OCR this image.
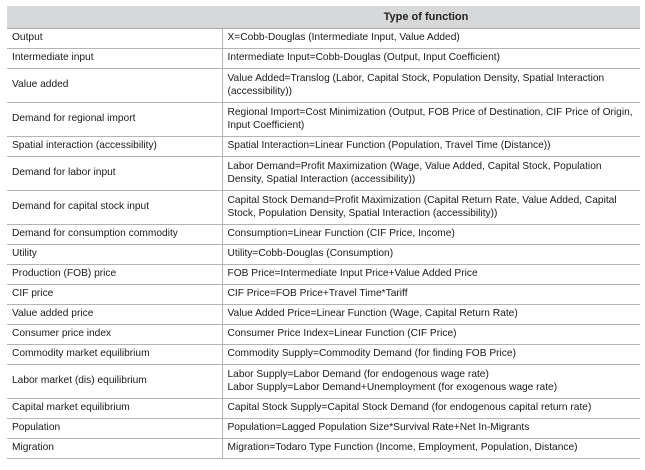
	Type of function
Output	X=Cobb-Douglas (Intermediate Input, Value Added)
Intermediate input	Intermediate Input=Cobb-Douglas (Output, Input Coefficient)
Value added	Value Added=Translog (Labor, Capital Stock, Population Density, Spatial Interaction (accessibility))
Demand for regional import	Regional Import=Cost Minimization (Output, FOB Price of Destination, CIF Price of Origin, Input Coefficient)
Spatial interaction (accessibility)	Spatial Interaction=Linear Function (Population, Travel Time (Distance))
Demand for labor input	Labor Demand=Profit Maximization (Wage, Value Added, Capital Stock, Population Density, Spatial Interaction (accessibility))
Demand for capital stock input	Capital Stock Demand=Profit Maximization (Capital Return Rate, Value Added, Capital Stock, Population Density, Spatial Interaction (accessibility))
Demand for consumption commodity	Consumption=Linear Function (CIF Price, Income)
Utility	Utility=Cobb-Douglas (Consumption)
Production (FOB) price	FOB Price=Intermediate Input Price+Value Added Price
CIF price	CIF Price=FOB Price+Travel Time*Tariff
Value added price	Value Added Price=Linear Function (Wage, Capital Return Rate)
Consumer price index	Consumer Price Index=Linear Function (CIF Price)
Commodity market equilibrium	Commodity Supply=Commodity Demand (for finding FOB Price)
Labor market (dis) equilibrium	Labor Supply=Labor Demand (for endogenous wage rate)
Labor Supply=Labor Demand+Unemployment (for exogenous wage rate)

Capital market equilibrium	Capital Stock Supply=Capital Stock Demand (for endogenous capital return rate)
Population	Population=Lagged Population Size*Survival Rate+Net In-Migrants
Migration	Migration=Todaro Type Function (Income, Employment, Population, Distance)
